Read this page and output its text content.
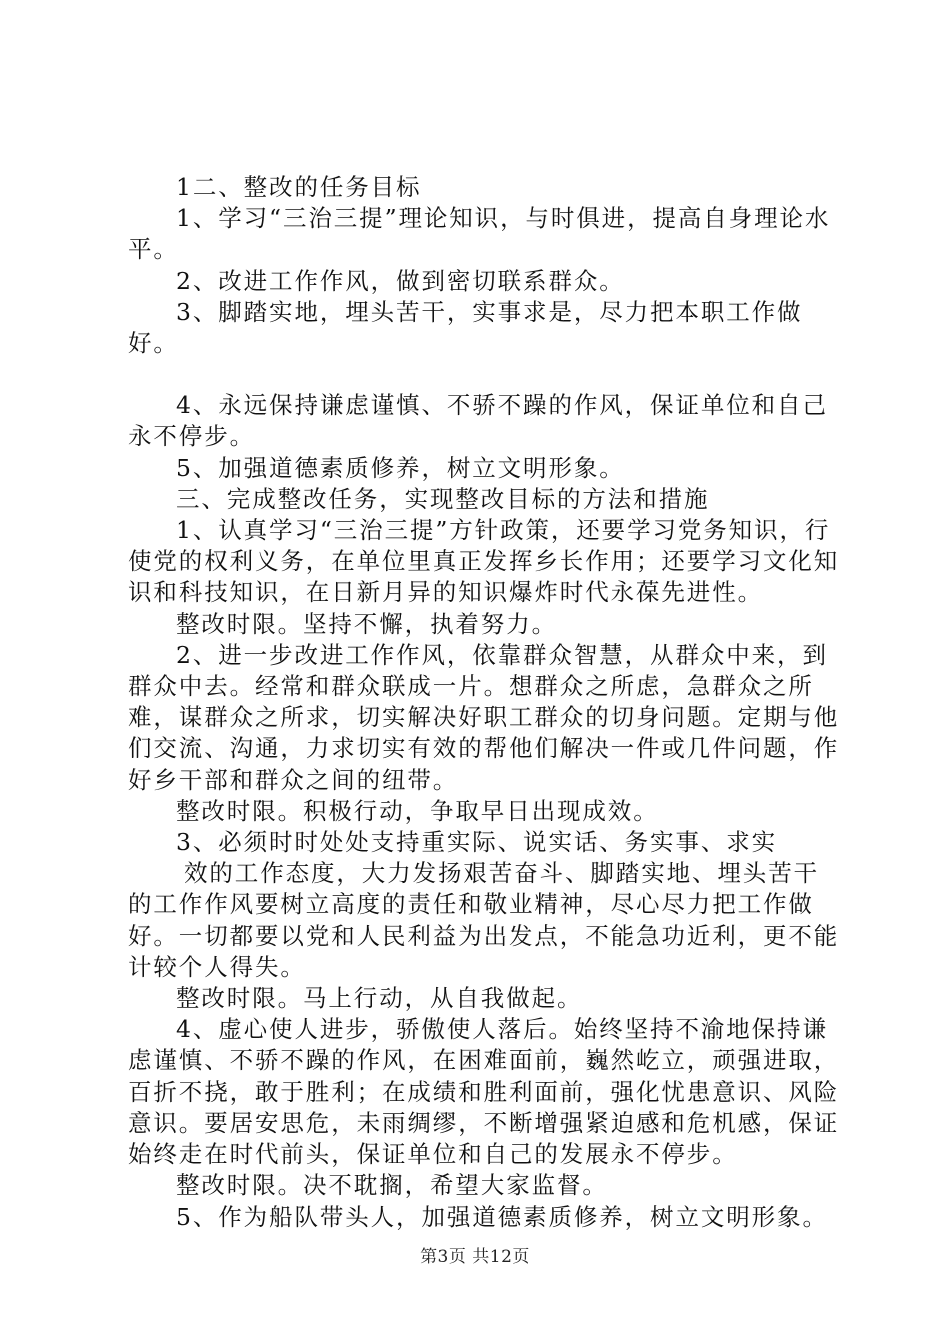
1二、整改的任务目标

1、学习“三治三提”理论知识，与时俱进，提高自身理论水平。

2、改进工作作风，做到密切联系群众。

3、脚踏实地，埋头苦干，实事求是，尽力把本职工作做好。

4、永远保持谦虑谨慎、不骄不躁的作风，保证单位和自己永不停步。

5、加强道德素质修养，树立文明形象。

三、完成整改任务，实现整改目标的方法和措施

1、认真学习“三治三提”方针政策，还要学习党务知识，行使党的权利义务，在单位里真正发挥乡长作用；还要学习文化知识和科技知识，在日新月异的知识爆炸时代永葆先进性。

整改时限。坚持不懈，执着努力。

2、进一步改进工作作风，依靠群众智慧，从群众中来，到群众中去。经常和群众联成一片。想群众之所虑，急群众之所难，谋群众之所求，切实解决好职工群众的切身问题。定期与他们交流、沟通，力求切实有效的帮他们解决一件或几件问题，作好乡干部和群众之间的纽带。

整改时限。积极行动，争取早日出现成效。

3、必须时时处处支持重实际、说实话、务实事、求实

效的工作态度，大力发扬艰苦奋斗、脚踏实地、埋头苦干的工作作风要树立高度的责任和敬业精神，尽心尽力把工作做好。一切都要以党和人民利益为出发点，不能急功近利，更不能计较个人得失。

整改时限。马上行动，从自我做起。

4、虚心使人进步，骄傲使人落后。始终坚持不渝地保持谦虑谨慎、不骄不躁的作风，在困难面前，巍然屹立，顽强进取，百折不挠，敢于胜利；在成绩和胜利面前，强化忧患意识、风险意识。要居安思危，未雨绸缪，不断增强紧迫感和危机感，保证始终走在时代前头，保证单位和自己的发展永不停步。

整改时限。决不耽搁，希望大家监督。

5、作为船队带头人，加强道德素质修养，树立文明形象。

第3页 共12页
